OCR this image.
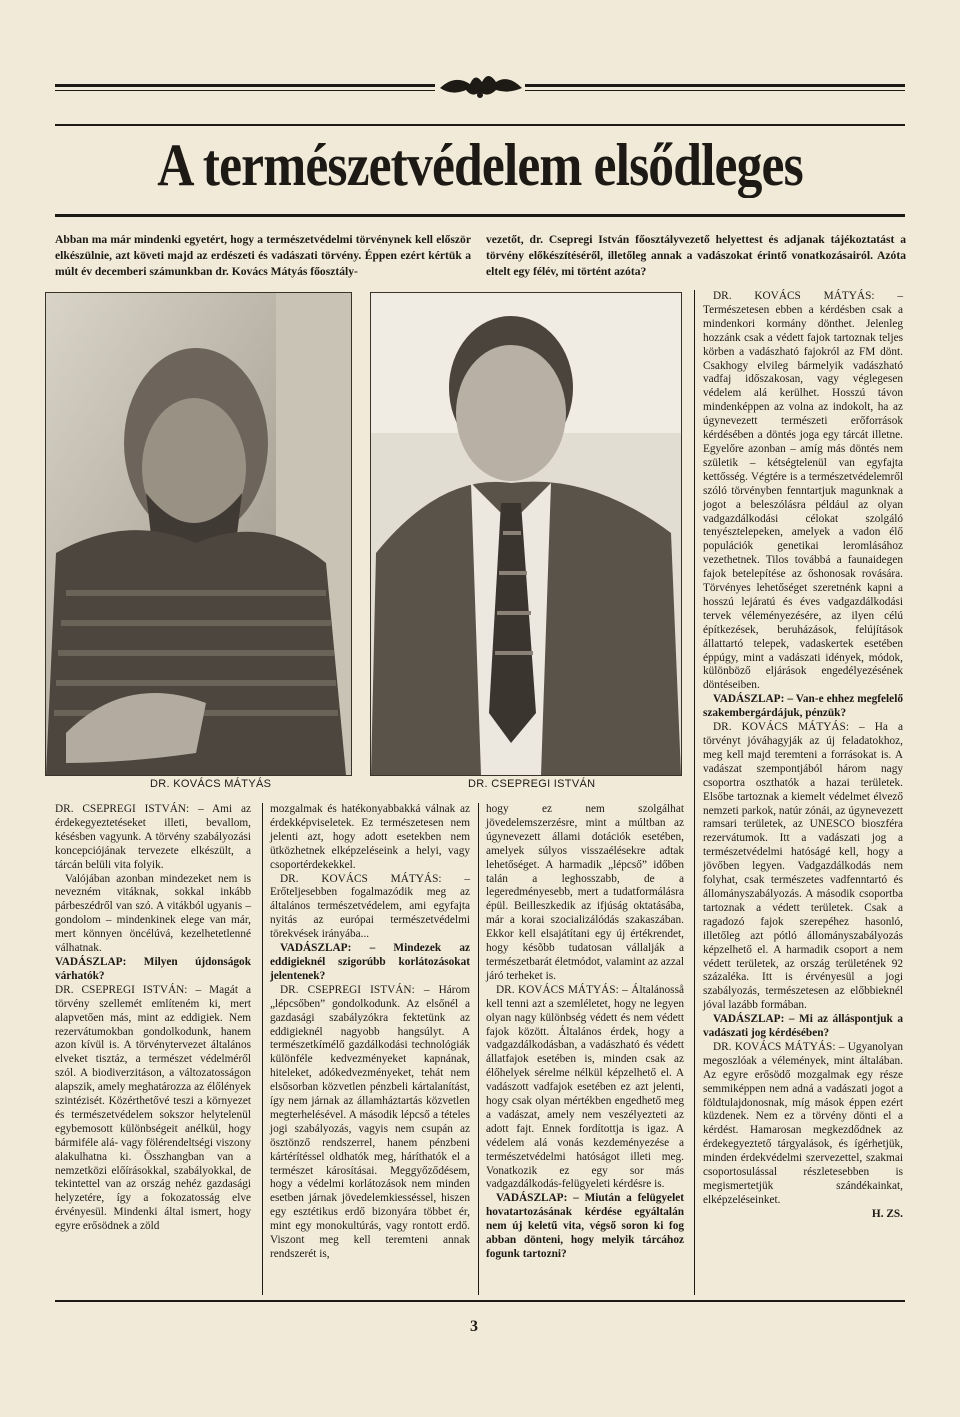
A természetvédelem elsődleges
Abban ma már mindenki egyetért, hogy a természetvédelmi törvénynek kell először elkészülnie, azt követi majd az erdészeti és vadászati törvény. Éppen ezért kértük a múlt év decemberi számunkban dr. Kovács Mátyás főosztály-
vezetőt, dr. Csepregi István főosztályvezető helyettest és adjanak tájékoztatást a törvény előkészítéséről, illetőleg annak a vadászokat érintő vonatkozásairól. Azóta eltelt egy félév, mi történt azóta?
DR. KOVÁCS MÁTYÁS	DR. CSEPREGI ISTVÁN

DR. CSEPREGI ISTVÁN: – Ami az érdekegyeztetéseket illeti, bevallom, késésben vagyunk. A törvény szabályozási koncepciójának tervezete elkészült, a tárcán belüli vita folyik.

Valójában azonban mindezeket nem is nevezném vitáknak, sokkal inkább párbeszédről van szó. A vitákból ugyanis – gondolom – mindenkinek elege van már, mert könnyen öncélúvá, kezelhetetlenné válhatnak.

VADÁSZLAP: Milyen újdonságok várhatók?

DR. CSEPREGI ISTVÁN: – Magát a törvény szellemét említeném ki, mert alapvetően más, mint az eddigiek. Nem rezervátumokban gondolkodunk, hanem azon kívül is. A törvénytervezet általános elveket tisztáz, a természet védelméről szól. A biodiverzitáson, a változatosságon alapszik, amely meghatározza az élőlények szintézisét. Közérthetővé teszi a környezet és természetvédelem sokszor helytelenül egybemosott különbségeit anélkül, hogy bármiféle alá- vagy fölérendeltségi viszony alakulhatna ki. Összhangban van a nemzetközi előírásokkal, szabályokkal, de tekintettel van az ország nehéz gazdasági helyzetére, így a fokozatosság elve érvényesül. Mindenki által ismert, hogy egyre erősödnek a zöld

mozgalmak és hatékonyabbakká válnak az érdekképviseletek. Ez természetesen nem jelenti azt, hogy adott esetekben nem ütközhetnek elképzeléseink a helyi, vagy csoportérdekekkel.

DR. KOVÁCS MÁTYÁS: – Erőteljesebben fogalmazódik meg az általános természetvédelem, ami egyfajta nyitás az európai természetvédelmi törekvések irányába...

VADÁSZLAP: – Mindezek az eddigieknél szigorúbb korlátozásokat jelentenek?

DR. CSEPREGI ISTVÁN: – Három „lépcsőben” gondolkodunk. Az elsőnél a gazdasági szabályzókra fektetünk az eddigieknél nagyobb hangsúlyt. A természetkímélő gazdálkodási technológiák különféle kedvezményeket kapnának, hiteleket, adókedvezményeket, tehát nem elsősorban közvetlen pénzbeli kártalanítást, így nem járnak az államháztartás közvetlen megterhelésével. A második lépcső a tételes jogi szabályozás, vagyis nem csupán az ösztönző rendszerrel, hanem pénzbeni kártérítéssel oldhatók meg, háríthatók el a természet károsításai. Meggyőződésem, hogy a védelmi korlátozások nem minden esetben járnak jövedelemkiesséssel, hiszen egy esztétikus erdő bizonyára többet ér, mint egy monokultúrás, vagy rontott erdő. Viszont meg kell teremteni annak rendszerét is,

hogy ez nem szolgálhat jövedelemszerzésre, mint a múltban az úgynevezett állami dotációk esetében, amelyek súlyos visszaélésekre adtak lehetőséget. A harmadik „lépcső” időben talán a leghosszabb, de a legeredményesebb, mert a tudatformálásra épül. Beilleszkedik az ifjúság oktatásába, már a korai szocializálódás szakaszában. Ekkor kell elsajátítani egy új értékrendet, hogy késõbb tudatosan vállalják a természetbarát életmódot, valamint az azzal járó terheket is.

DR. KOVÁCS MÁTYÁS: – Általánosså kell tenni azt a szemléletet, hogy ne legyen olyan nagy különbség védett és nem védett fajok között. Általános érdek, hogy a vadgazdálkodásban, a vadászható és védett állatfajok esetében is, minden csak az élőhelyek sérelme nélkül képzelhető el. A vadászott vadfajok esetében ez azt jelenti, hogy csak olyan mértékben engedhető meg a vadászat, amely nem veszélyezteti az adott fajt. Ennek fordítottja is igaz. A védelem alá vonás kezdeményezése a természetvédelmi hatóságot illeti meg. Vonatkozik ez egy sor más vadgazdálkodás-felügyeleti kérdésre is.

VADÁSZLAP: – Miután a felügyelet hovatartozásának kérdése egyáltalán nem új keletű vita, végső soron ki fog abban dönteni, hogy melyik tárcához fogunk tartozni?

DR. KOVÁCS MÁTYÁS: – Természetesen ebben a kérdésben csak a mindenkori kormány dönthet. Jelenleg hozzánk csak a védett fajok tartoznak teljes körben a vadászható fajokról az FM dönt. Csakhogy elvileg bármelyik vadászható vadfaj időszakosan, vagy véglegesen védelem alá kerülhet. Hosszú távon mindenképpen az volna az indokolt, ha az úgynevezett természeti erőforrások kérdésében a döntés joga egy tárcát illetne. Egyelőre azonban – amíg más döntés nem születik – kétségtelenül van egyfajta kettősség. Végtére is a természetvédelemről szóló törvényben fenntartjuk magunknak a jogot a beleszólásra például az olyan vadgazdálkodási célokat szolgáló tenyésztelepeken, amelyek a vadon élő populációk genetikai leromlásához vezethetnek. Tilos továbbá a faunaidegen fajok betelepítése az őshonosak rovására. Törvényes lehetőséget szeretnénk kapni a hosszú lejáratú és éves vadgazdálkodási tervek véleményezésére, az ilyen célú építkezések, beruházások, felújítások állattartó telepek, vadaskertek esetében éppúgy, mint a vadászati idények, módok, különböző eljárások engedélyezésének döntéseiben.

VADÁSZLAP: – Van-e ehhez megfelelő szakembergárdájuk, pénzük?

DR. KOVÁCS MÁTYÁS: – Ha a törvényt jóváhagyják az új feladatokhoz, meg kell majd teremteni a forrásokat is. A vadászat szempontjából három nagy csoportra oszthatók a hazai területek. Elsőbe tartoznak a kiemelt védelmet élvező nemzeti parkok, natúr zónái, az úgynevezett ramsari területek, az UNESCO bioszféra rezervátumok. Itt a vadászati jog a természetvédelmi hatóságé kell, hogy a jövőben legyen. Vadgazdálkodás nem folyhat, csak természetes vadfenntartó és állományszabályozás. A második csoportba tartoznak a védett területek. Csak a ragadozó fajok szerepéhez hasonló, illetőleg azt pótló állományszabályozás képzelhető el. A harmadik csoport a nem védett területek, az ország területének 92 százaléka. Itt is érvényesül a jogi szabályozás, természetesen az előbbieknél jóval lazább formában.

VADÁSZLAP: – Mi az álláspontjuk a vadászati jog kérdésében?

DR. KOVÁCS MÁTYÁS: – Ugyanolyan megoszlóak a vélemények, mint általában. Az egyre erősödő mozgalmak egy része semmiképpen nem adná a vadászati jogot a földtulajdonosnak, míg mások éppen ezért küzdenek. Nem ez a törvény dönti el a kérdést. Hamarosan megkezdődnek az érdekegyeztető tárgyalások, és ígérhetjük, minden érdekvédelmi szervezettel, szakmai csoportosulással részletesebben is megismertetjük szándékainkat, elképzeléseinket.

H. ZS.

3
